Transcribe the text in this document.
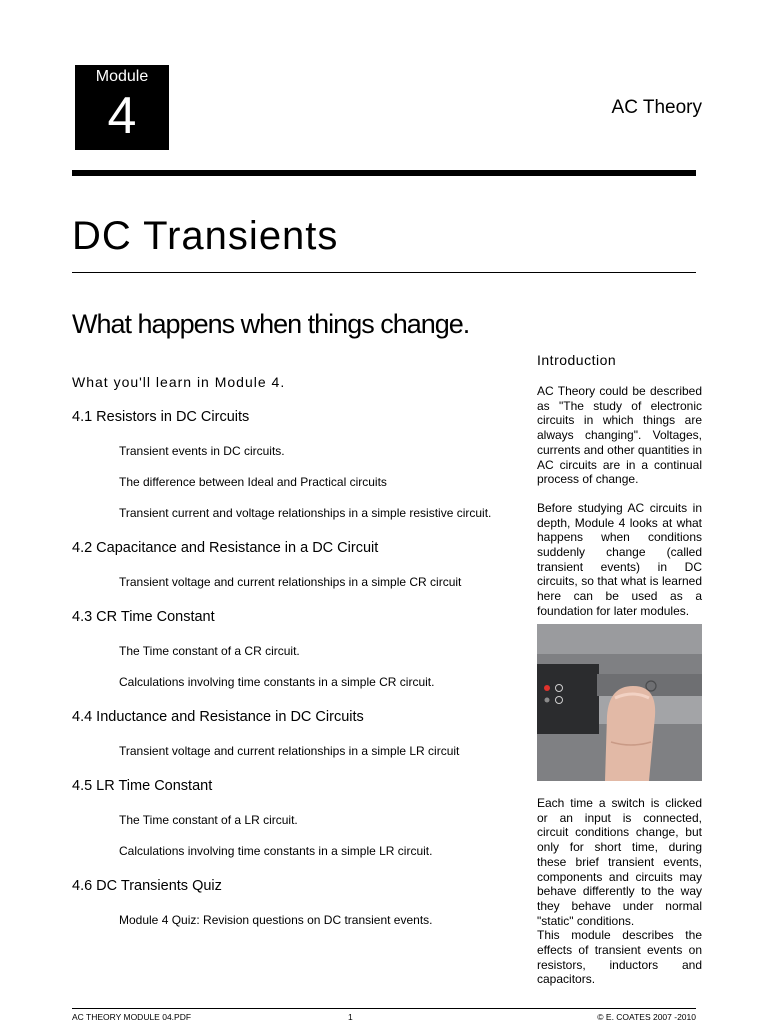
Module
4	AC Theory
DC Transients
What happens when things change.
What you'll learn in Module 4.
4.1 Resistors in DC Circuits
Transient events in DC circuits.
The difference between Ideal and Practical circuits
Transient current and voltage relationships in a simple resistive circuit.
4.2 Capacitance and Resistance in a DC Circuit
Transient voltage and current relationships in a simple CR circuit
4.3 CR Time Constant
The Time constant of a CR circuit.
Calculations involving time constants in a simple CR circuit.
4.4 Inductance and Resistance in DC Circuits
Transient voltage and current relationships in a simple LR circuit
4.5 LR Time Constant
The Time constant of a LR circuit.
Calculations involving time constants in a simple LR circuit.
4.6 DC Transients Quiz
Module 4 Quiz: Revision questions on DC transient events.
Introduction

AC Theory could be described as "The study of electronic circuits in which things are always changing". Voltages, currents and other quantities in AC circuits are in a continual process of change.

Before studying AC circuits in depth, Module 4 looks at what happens when conditions suddenly change (called transient events) in DC circuits, so that what is learned here can be used as a foundation for later modules.

Each time a switch is clicked or an input is connected, circuit conditions change, but only for short time, during these brief transient events, components and circuits may behave differently to the way they behave under normal "static" conditions.

This module describes the effects of transient events on resistors, inductors and capacitors.

AC THEORY MODULE 04.PDF	1	© E. COATES 2007 -2010
